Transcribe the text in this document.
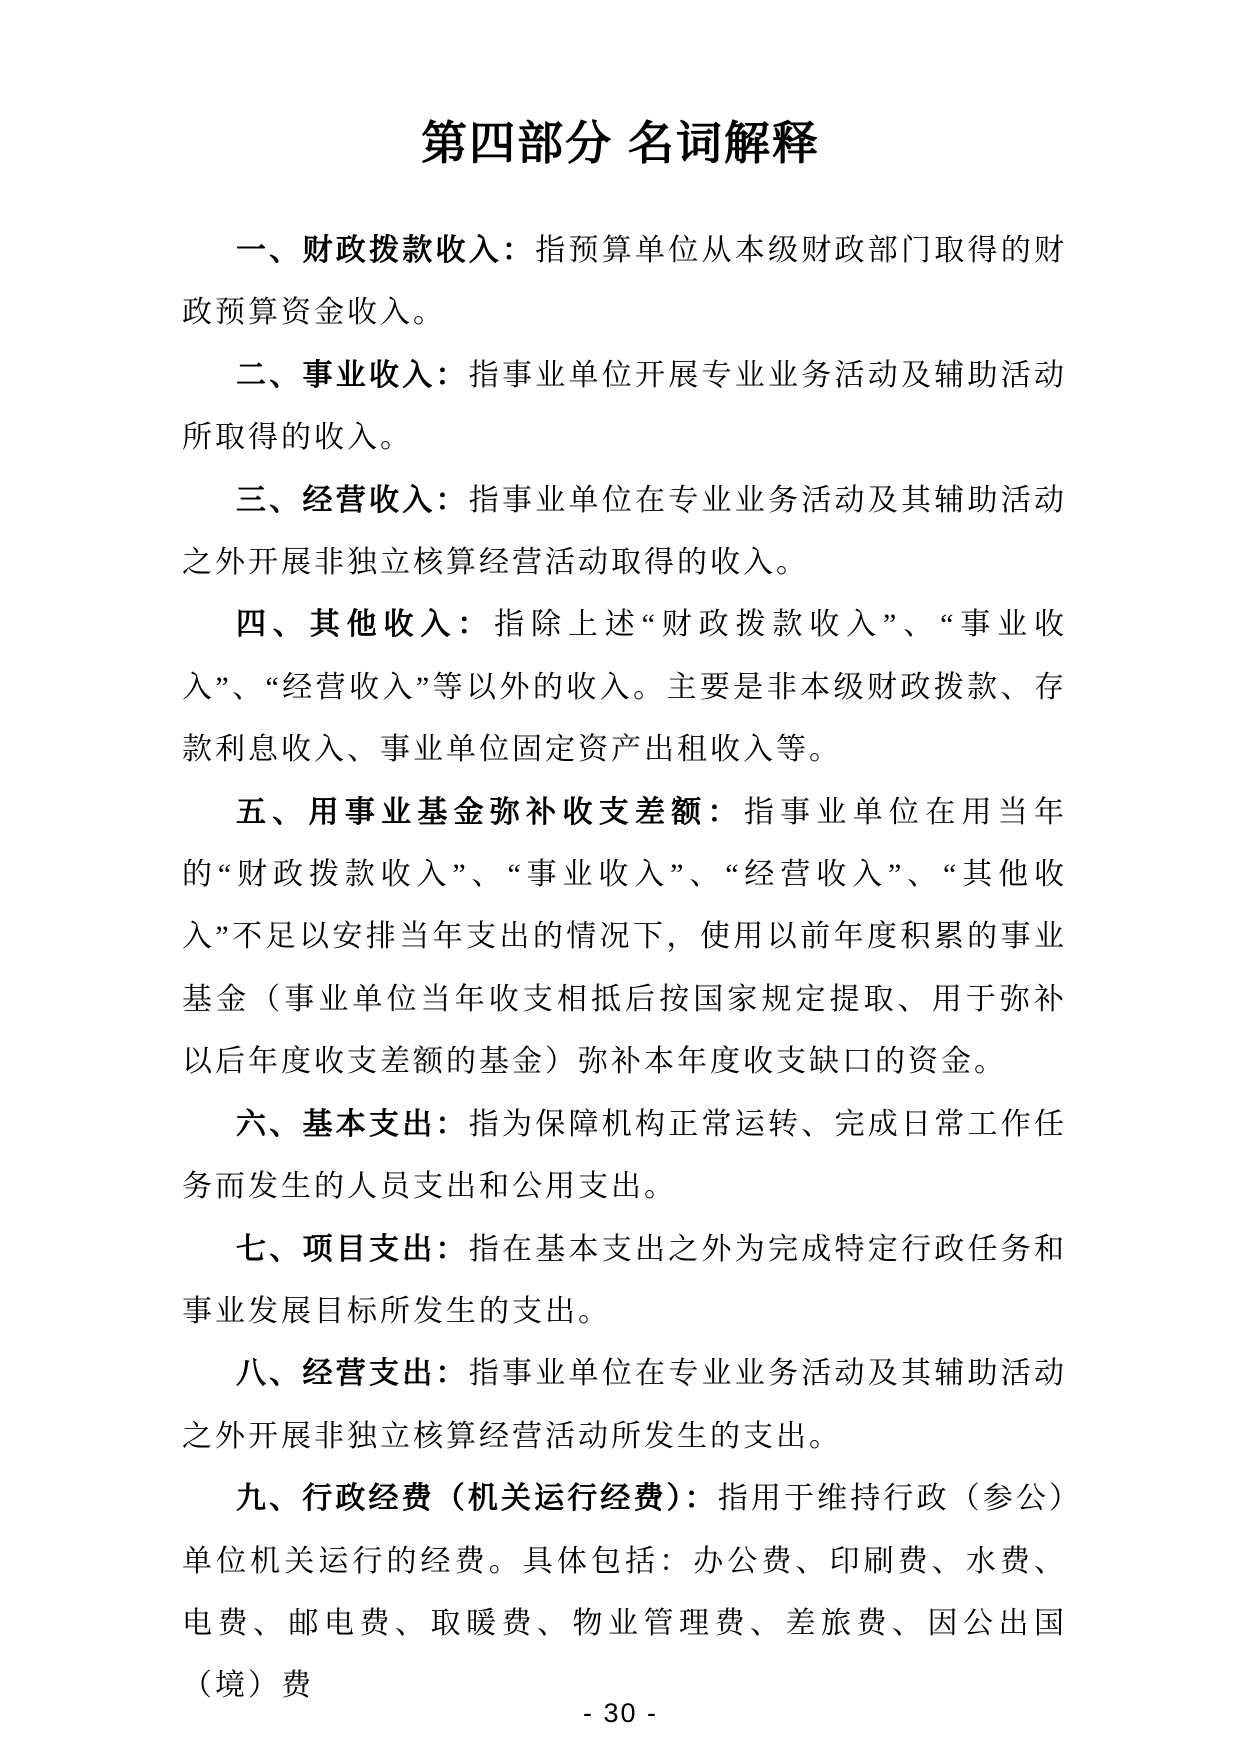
第四部分 名词解释

一、财政拨款收入：指预算单位从本级财政部门取得的财政预算资金收入。

二、事业收入：指事业单位开展专业业务活动及辅助活动所取得的收入。

三、经营收入：指事业单位在专业业务活动及其辅助活动之外开展非独立核算经营活动取得的收入。

四、其他收入：指除上述“财政拨款收入”、“事业收入”、“经营收入”等以外的收入。主要是非本级财政拨款、存款利息收入、事业单位固定资产出租收入等。

五、用事业基金弥补收支差额：指事业单位在用当年的“财政拨款收入”、“事业收入”、“经营收入”、“其他收入”不足以安排当年支出的情况下，使用以前年度积累的事业基金（事业单位当年收支相抵后按国家规定提取、用于弥补以后年度收支差额的基金）弥补本年度收支缺口的资金。

六、基本支出：指为保障机构正常运转、完成日常工作任务而发生的人员支出和公用支出。

七、项目支出：指在基本支出之外为完成特定行政任务和事业发展目标所发生的支出。

八、经营支出：指事业单位在专业业务活动及其辅助活动之外开展非独立核算经营活动所发生的支出。

九、行政经费（机关运行经费）：指用于维持行政（参公）单位机关运行的经费。具体包括：办公费、印刷费、水费、电费、邮电费、取暖费、物业管理费、差旅费、因公出国（境）费

- 30 -
